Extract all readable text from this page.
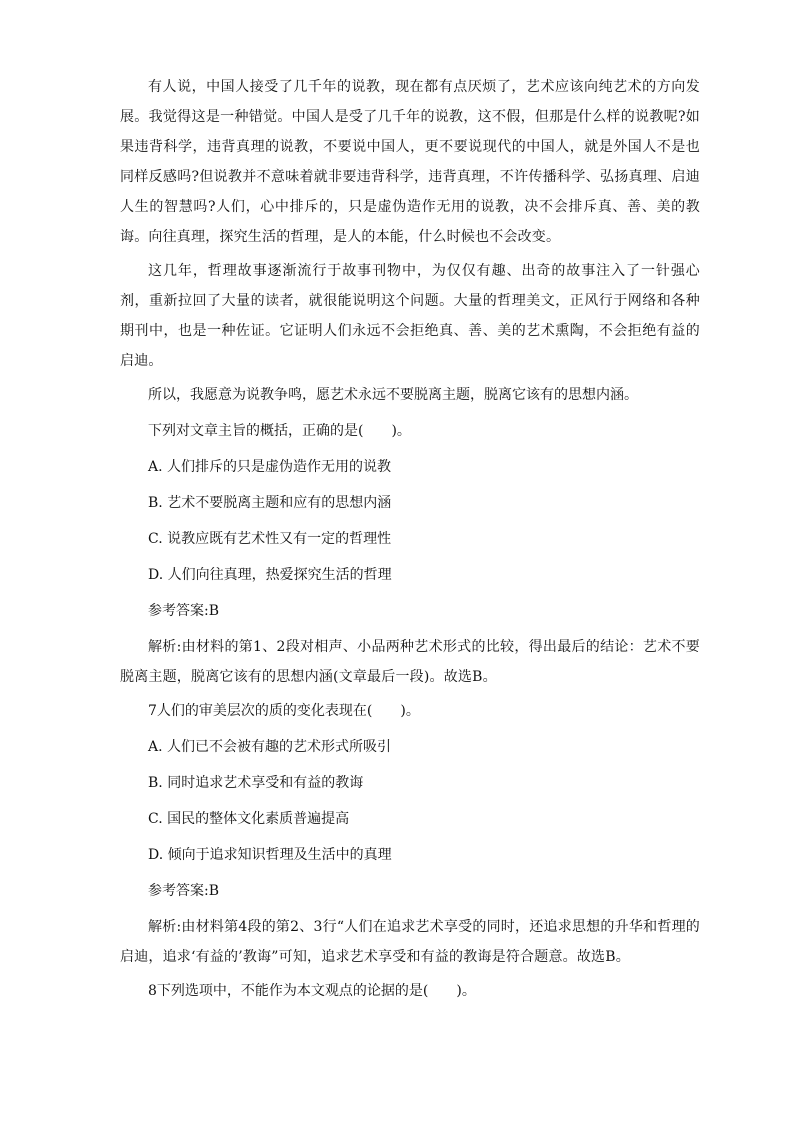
有人说，中国人接受了几千年的说教，现在都有点厌烦了，艺术应该向纯艺术的方向发展。我觉得这是一种错觉。中国人是受了几千年的说教，这不假，但那是什么样的说教呢?如果违背科学，违背真理的说教，不要说中国人，更不要说现代的中国人，就是外国人不是也同样反感吗?但说教并不意味着就非要违背科学，违背真理，不许传播科学、弘扬真理、启迪人生的智慧吗?人们，心中排斥的，只是虚伪造作无用的说教，决不会排斥真、善、美的教诲。向往真理，探究生活的哲理，是人的本能，什么时候也不会改变。

这几年，哲理故事逐渐流行于故事刊物中，为仅仅有趣、出奇的故事注入了一针强心剂，重新拉回了大量的读者，就很能说明这个问题。大量的哲理美文，正风行于网络和各种期刊中，也是一种佐证。它证明人们永远不会拒绝真、善、美的艺术熏陶，不会拒绝有益的启迪。

所以，我愿意为说教争鸣，愿艺术永远不要脱离主题，脱离它该有的思想内涵。

下列对文章主旨的概括，正确的是(　　)。

A. 人们排斥的只是虚伪造作无用的说教

B. 艺术不要脱离主题和应有的思想内涵

C. 说教应既有艺术性又有一定的哲理性

D. 人们向往真理，热爱探究生活的哲理

参考答案:B

解析:由材料的第1、2段对相声、小品两种艺术形式的比较，得出最后的结论：艺术不要脱离主题，脱离它该有的思想内涵(文章最后一段)。故选B。

7人们的审美层次的质的变化表现在(　　)。

A. 人们已不会被有趣的艺术形式所吸引

B. 同时追求艺术享受和有益的教诲

C. 国民的整体文化素质普遍提高

D. 倾向于追求知识哲理及生活中的真理

参考答案:B

解析:由材料第4段的第2、3行“人们在追求艺术享受的同时，还追求思想的升华和哲理的启迪，追求‘有益的’教诲”可知，追求艺术享受和有益的教诲是符合题意。故选B。

8下列选项中，不能作为本文观点的论据的是(　　)。
